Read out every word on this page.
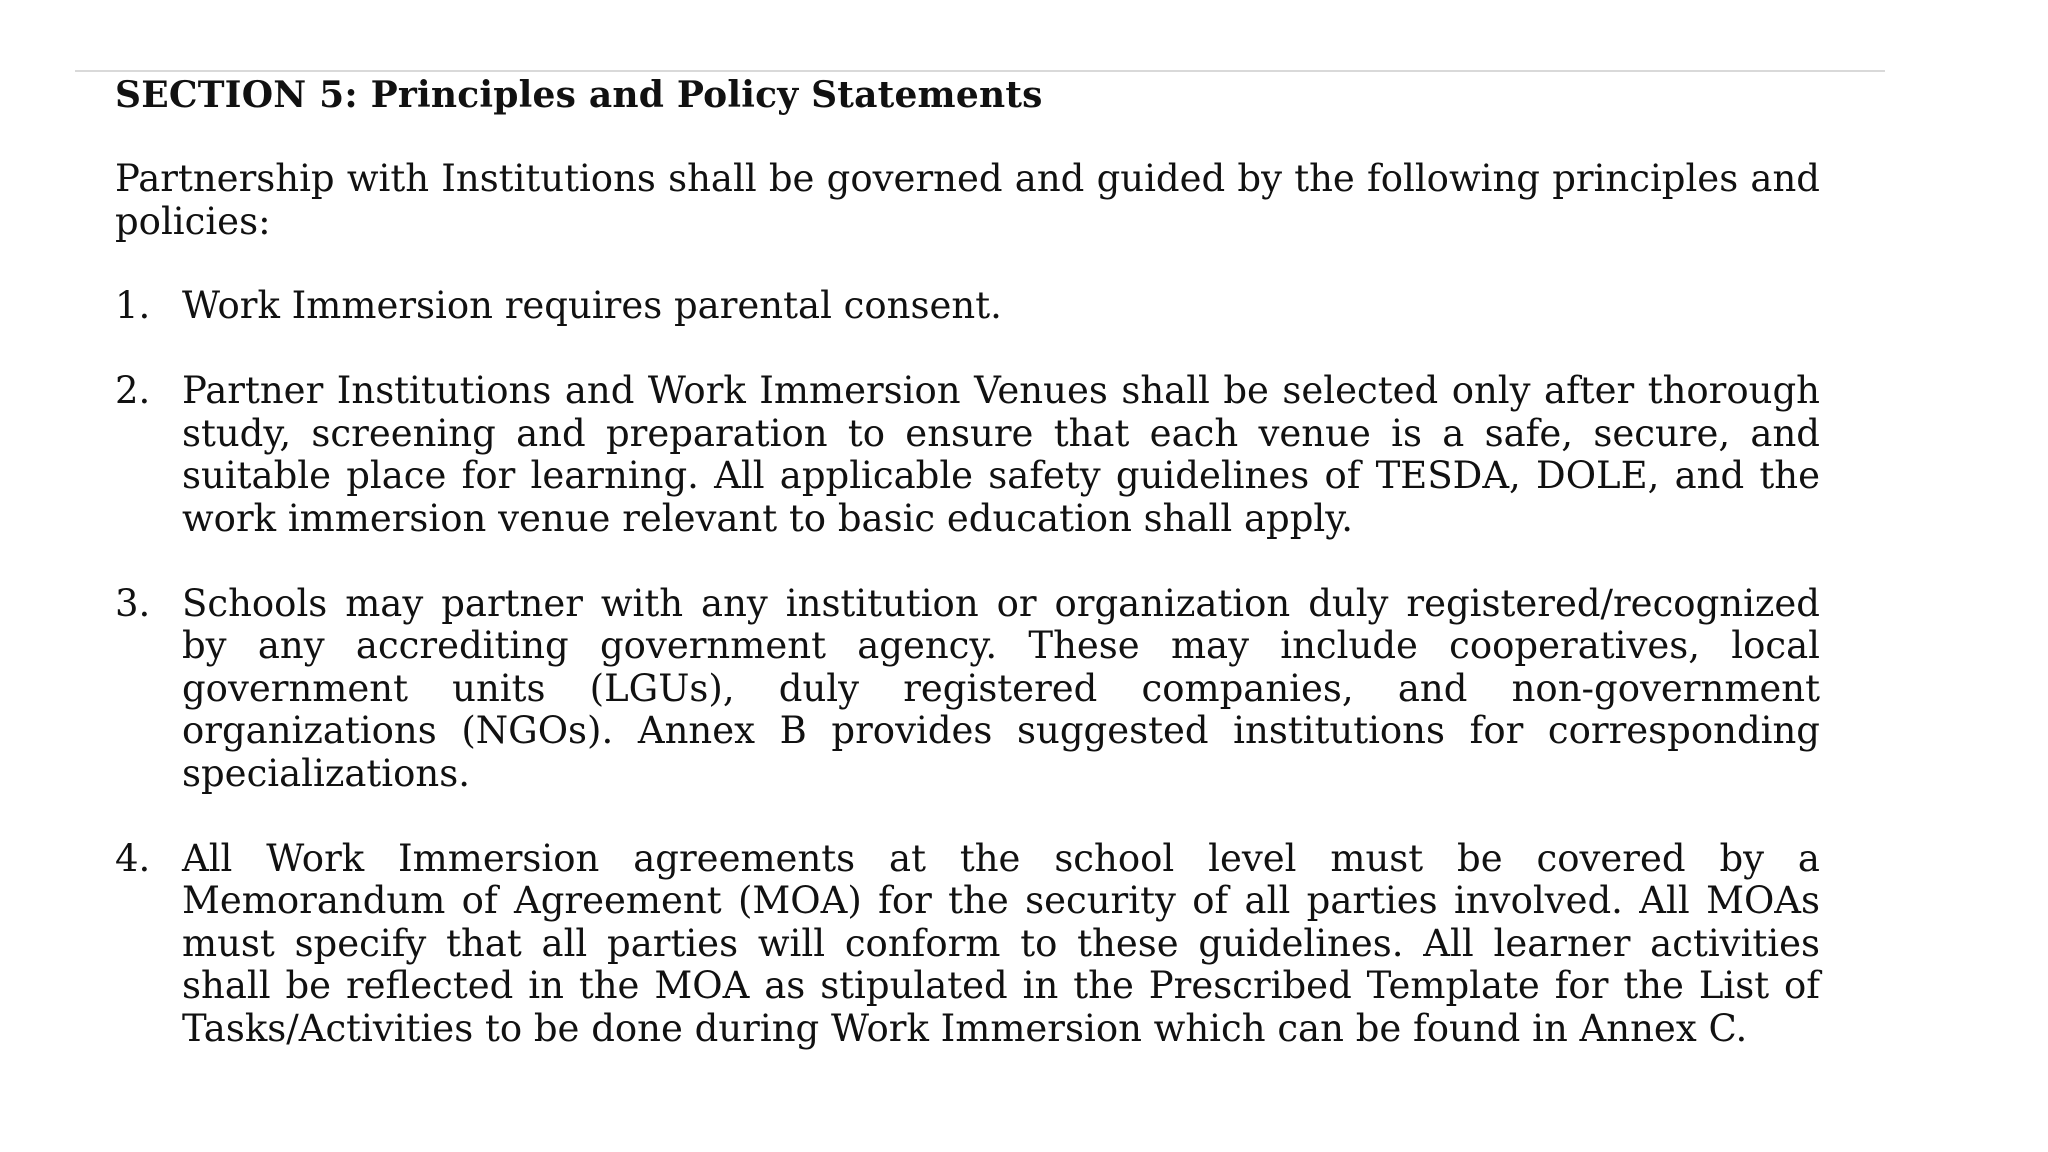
SECTION 5: Principles and Policy Statements

Partnership with Institutions shall be governed and guided by the following principles and policies:

1. Work Immersion requires parental consent.
2. Partner Institutions and Work Immersion Venues shall be selected only after thorough study, screening and preparation to ensure that each venue is a safe, secure, and suitable place for learning. All applicable safety guidelines of TESDA, DOLE, and the work immersion venue relevant to basic education shall apply.
3. Schools may partner with any institution or organization duly registered/recognized by any accrediting government agency. These may include cooperatives, local government units (LGUs), duly registered companies, and non-government organizations (NGOs). Annex B provides suggested institutions for corresponding specializations.
4. All Work Immersion agreements at the school level must be covered by a Memorandum of Agreement (MOA) for the security of all parties involved. All MOAs must specify that all parties will conform to these guidelines. All learner activities shall be reflected in the MOA as stipulated in the Prescribed Template for the List of Tasks/Activities to be done during Work Immersion which can be found in Annex C.
